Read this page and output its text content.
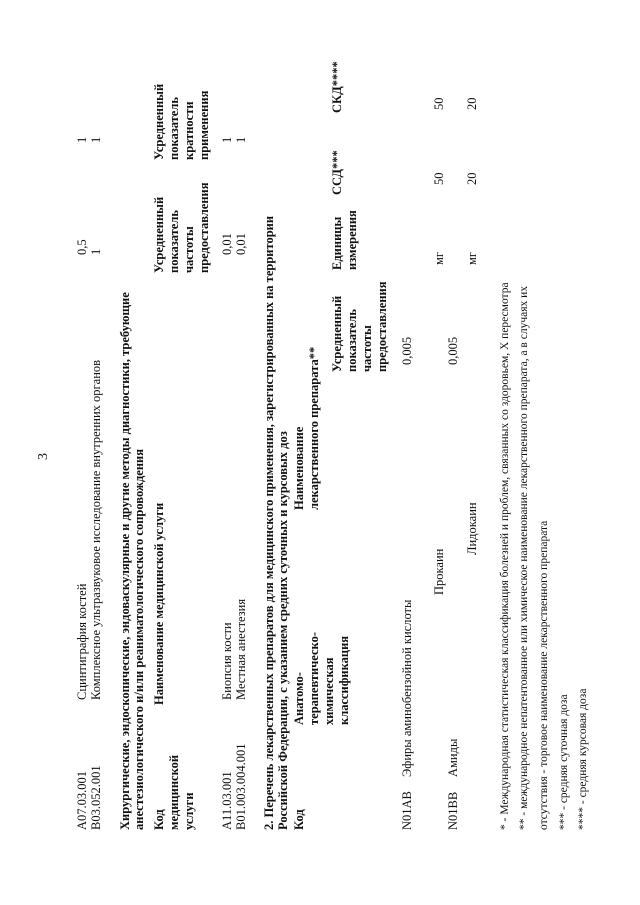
3
A07.03.001
Сцинтиграфия костей
0,5
1
B03.052.001
Комплексное ультразвуковое исследование внутренних органов
1
1
Хирургические, эндоскопические, эндоваскулярные и другие методы диагностики, требующие анестезиологического и/или реаниматологического сопровождения Код медицинской услуги
Наименование медицинской услуги
Усредненный показатель частоты предоставления
Усредненный показатель кратности применения
A11.03.001
Биопсия кости
0,01
1
B01.003.004.001
Местная анестезия
0,01
1
2. Перечень лекарственных препаратов для медицинского применения, зарегистрированных на территории Российской Федерации, с указанием средних суточных и курсовых доз Код
Анатомо-терапевтическо-химическая классификация
Наименование лекарственного препарата**
Усредненный показатель частоты предоставления
Единицы измерения
ССД***
СКД****
N01AB
Эфиры аминобензойной кислоты
0,005
Прокаин
мг
50
50
N01BB
Амиды
0,005
Лидокаин
мг
20
20
* - Международная статистическая классификация болезней и проблем, связанных со здоровьем, X пересмотра ** - международное непатентованное или химическое наименование лекарственного препарата, а в случаях их отсутствия - торговое наименование лекарственного препарата *** - средняя суточная доза **** - средняя курсовая доза
